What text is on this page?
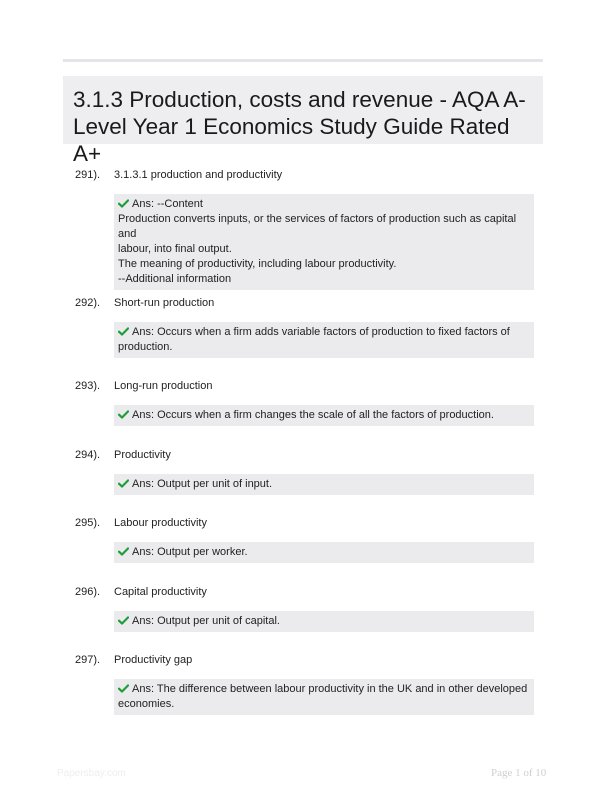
3.1.3 Production, costs and revenue - AQA A-Level Year 1 Economics Study Guide Rated A+
291). 3.1.3.1 production and productivity
Ans: --Content
Production converts inputs, or the services of factors of production such as capital and
labour, into final output.
The meaning of productivity, including labour productivity.
--Additional information
292). Short-run production
Ans: Occurs when a firm adds variable factors of production to fixed factors of
production.
293). Long-run production
Ans: Occurs when a firm changes the scale of all the factors of production.
294). Productivity
Ans: Output per unit of input.
295). Labour productivity
Ans: Output per worker.
296). Capital productivity
Ans: Output per unit of capital.
297). Productivity gap
Ans: The difference between labour productivity in the UK and in other developed
economies.
Papersbay.com	Page 1 of 10
